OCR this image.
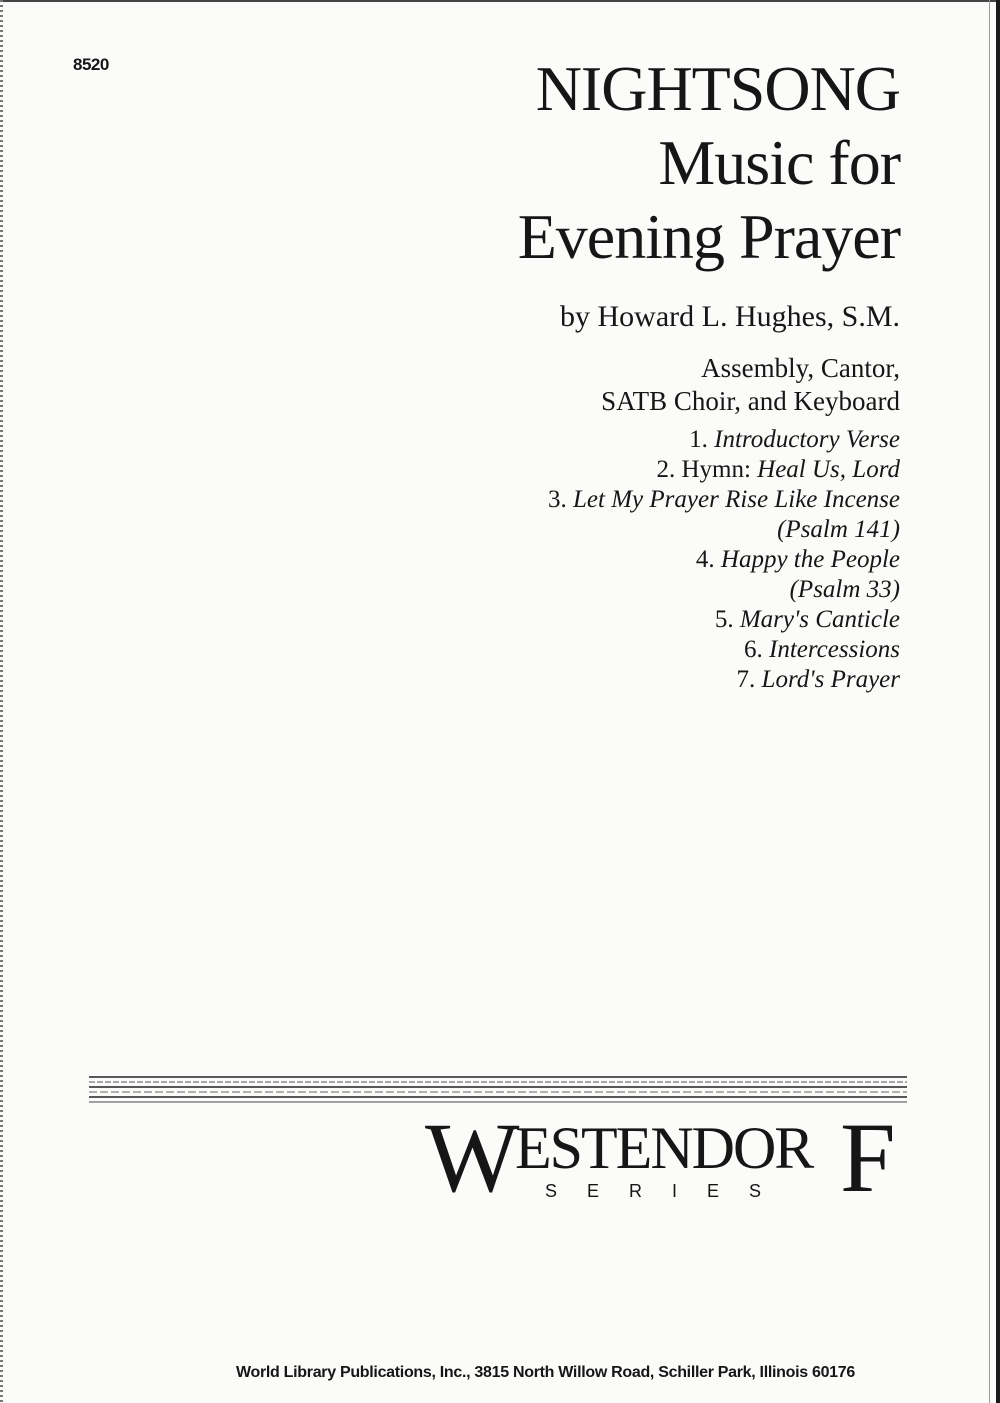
8520	NIGHTSONG
Music for
Evening Prayer
by Howard L. Hughes, S.M.
Assembly, Cantor,
SATB Choir, and Keyboard
1. Introductory Verse
2. Hymn: Heal Us, Lord
3. Let My Prayer Rise Like Incense
(Psalm 141)
4. Happy the People
(Psalm 33)
5. Mary's Canticle
6. Intercessions
7. Lord's Prayer
W
ESTENDOR F
SERIES
World Library Publications, Inc., 3815 North Willow Road, Schiller Park, Illinois 60176
